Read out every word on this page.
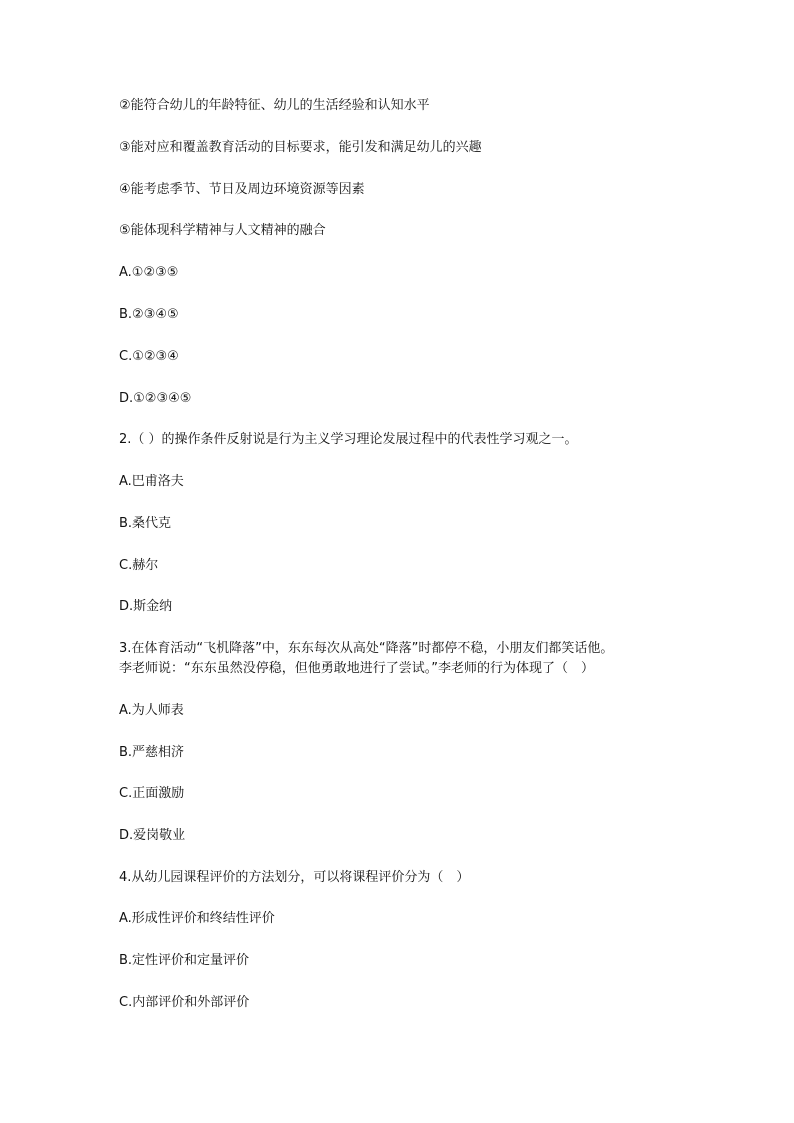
②能符合幼儿的年龄特征、幼儿的生活经验和认知水平
③能对应和覆盖教育活动的目标要求，能引发和满足幼儿的兴趣
④能考虑季节、节日及周边环境资源等因素
⑤能体现科学精神与人文精神的融合
A.①②③⑤
B.②③④⑤
C.①②③④
D.①②③④⑤
2.（ ）的操作条件反射说是行为主义学习理论发展过程中的代表性学习观之一。
A.巴甫洛夫
B.桑代克
C.赫尔
D.斯金纳
3.在体育活动“飞机降落”中，东东每次从高处“降落”时都停不稳，小朋友们都笑话他。
李老师说：“东东虽然没停稳，但他勇敢地进行了尝试。”李老师的行为体现了（　）
A.为人师表
B.严慈相济
C.正面激励
D.爱岗敬业
4.从幼儿园课程评价的方法划分，可以将课程评价分为（　）
A.形成性评价和终结性评价
B.定性评价和定量评价
C.内部评价和外部评价
